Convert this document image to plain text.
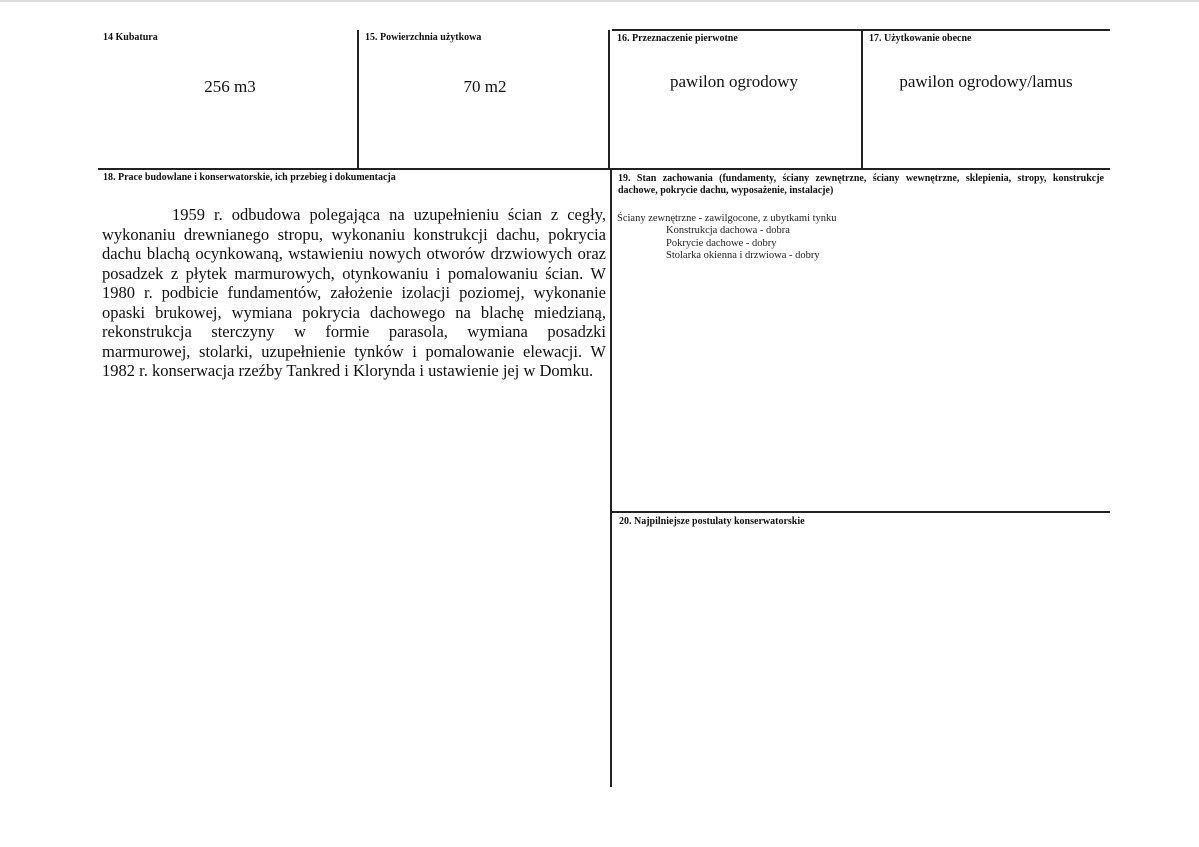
14 Kubatura
256 m3
15. Powierzchnia użytkowa
70 m2
16. Przeznaczenie pierwotne
pawilon ogrodowy
17. Użytkowanie obecne
pawilon ogrodowy/lamus
18. Prace budowlane i konserwatorskie, ich przebieg i dokumentacja
1959 r. odbudowa polegająca na uzupełnieniu ścian z cegły, wykonaniu drewnianego stropu, wykonaniu konstrukcji dachu, pokrycia dachu blachą ocynkowaną, wstawieniu nowych otworów drzwiowych oraz posadzek z płytek marmurowych, otynkowaniu i pomalowaniu ścian. W 1980 r. podbicie fundamentów, założenie izolacji poziomej, wykonanie opaski brukowej, wymiana pokrycia dachowego na blachę miedzianą, rekonstrukcja sterczyny w formie parasola, wymiana posadzki marmurowej, stolarki, uzupełnienie tynków i pomalowanie elewacji. W 1982 r. konserwacja rzeźby Tankred i Klorynda i ustawienie jej w Domku.
19. Stan zachowania (fundamenty, ściany zewnętrzne, ściany wewnętrzne, sklepienia, stropy, konstrukcje dachowe, pokrycie dachu, wyposażenie, instalacje)
Ściany zewnętrzne - zawilgocone, z ubytkami tynku
Konstrukcja dachowa - dobra
Pokrycie dachowe - dobry
Stolarka okienna i drzwiowa - dobry
20. Najpilniejsze postulaty konserwatorskie
